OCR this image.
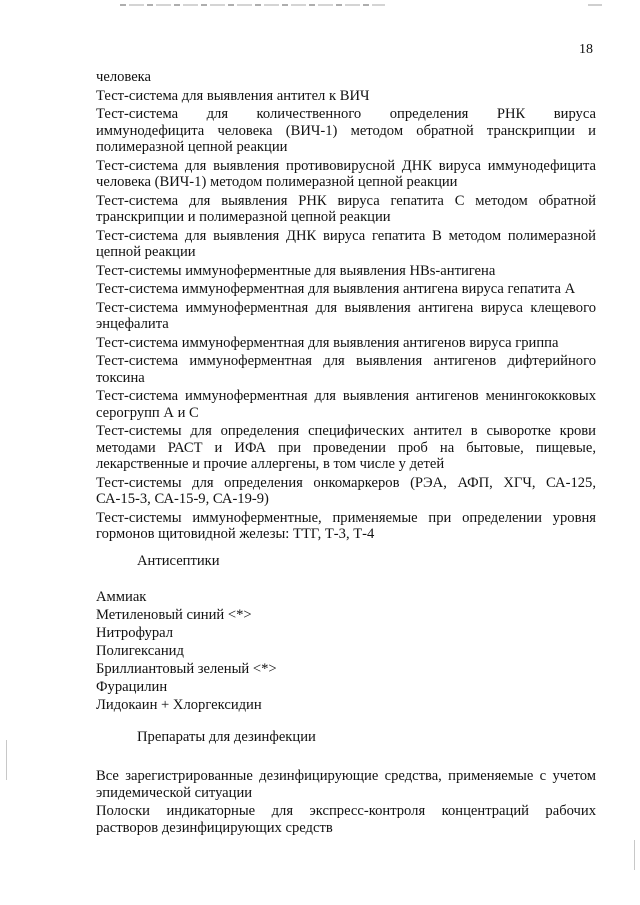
18
человека
Тест-система для выявления антител к ВИЧ
Тест-система для количественного определения РНК вируса
иммунодефицита человека (ВИЧ-1) методом обратной транскрипции и
полимеразной цепной реакции
Тест-система для выявления противовирусной ДНК вируса иммунодефицита
человека (ВИЧ-1) методом полимеразной цепной реакции
Тест-система для выявления РНК вируса гепатита С методом обратной
транскрипции и полимеразной цепной реакции
Тест-система для выявления ДНК вируса гепатита В методом полимеразной
цепной реакции
Тест-системы иммуноферментные для выявления HBs-антигена
Тест-система иммуноферментная для выявления антигена вируса гепатита А
Тест-система иммуноферментная для выявления антигена вируса клещевого
энцефалита
Тест-система иммуноферментная для выявления антигенов вируса гриппа
Тест-система иммуноферментная для выявления антигенов дифтерийного
токсина
Тест-система иммуноферментная для выявления антигенов менингококковых
серогрупп А и С
Тест-системы для определения специфических антител в сыворотке крови
методами РАСТ и ИФА при проведении проб на бытовые, пищевые,
лекарственные и прочие аллергены, в том числе у детей
Тест-системы для определения онкомаркеров (РЭА, АФП, ХГЧ, СА-125,
СА-15-3, СА-15-9, СА-19-9)
Тест-системы иммуноферментные, применяемые при определении уровня
гормонов щитовидной железы: ТТГ, Т-3, Т-4
Антисептики
Аммиак
Метиленовый синий <*>
Нитрофурал
Полигексанид
Бриллиантовый зеленый <*>
Фурацилин
Лидокаин + Хлоргексидин
Препараты для дезинфекции
Все зарегистрированные дезинфицирующие средства, применяемые с учетом
эпидемической ситуации
Полоски индикаторные для экспресс-контроля концентраций рабочих
растворов дезинфицирующих средств
